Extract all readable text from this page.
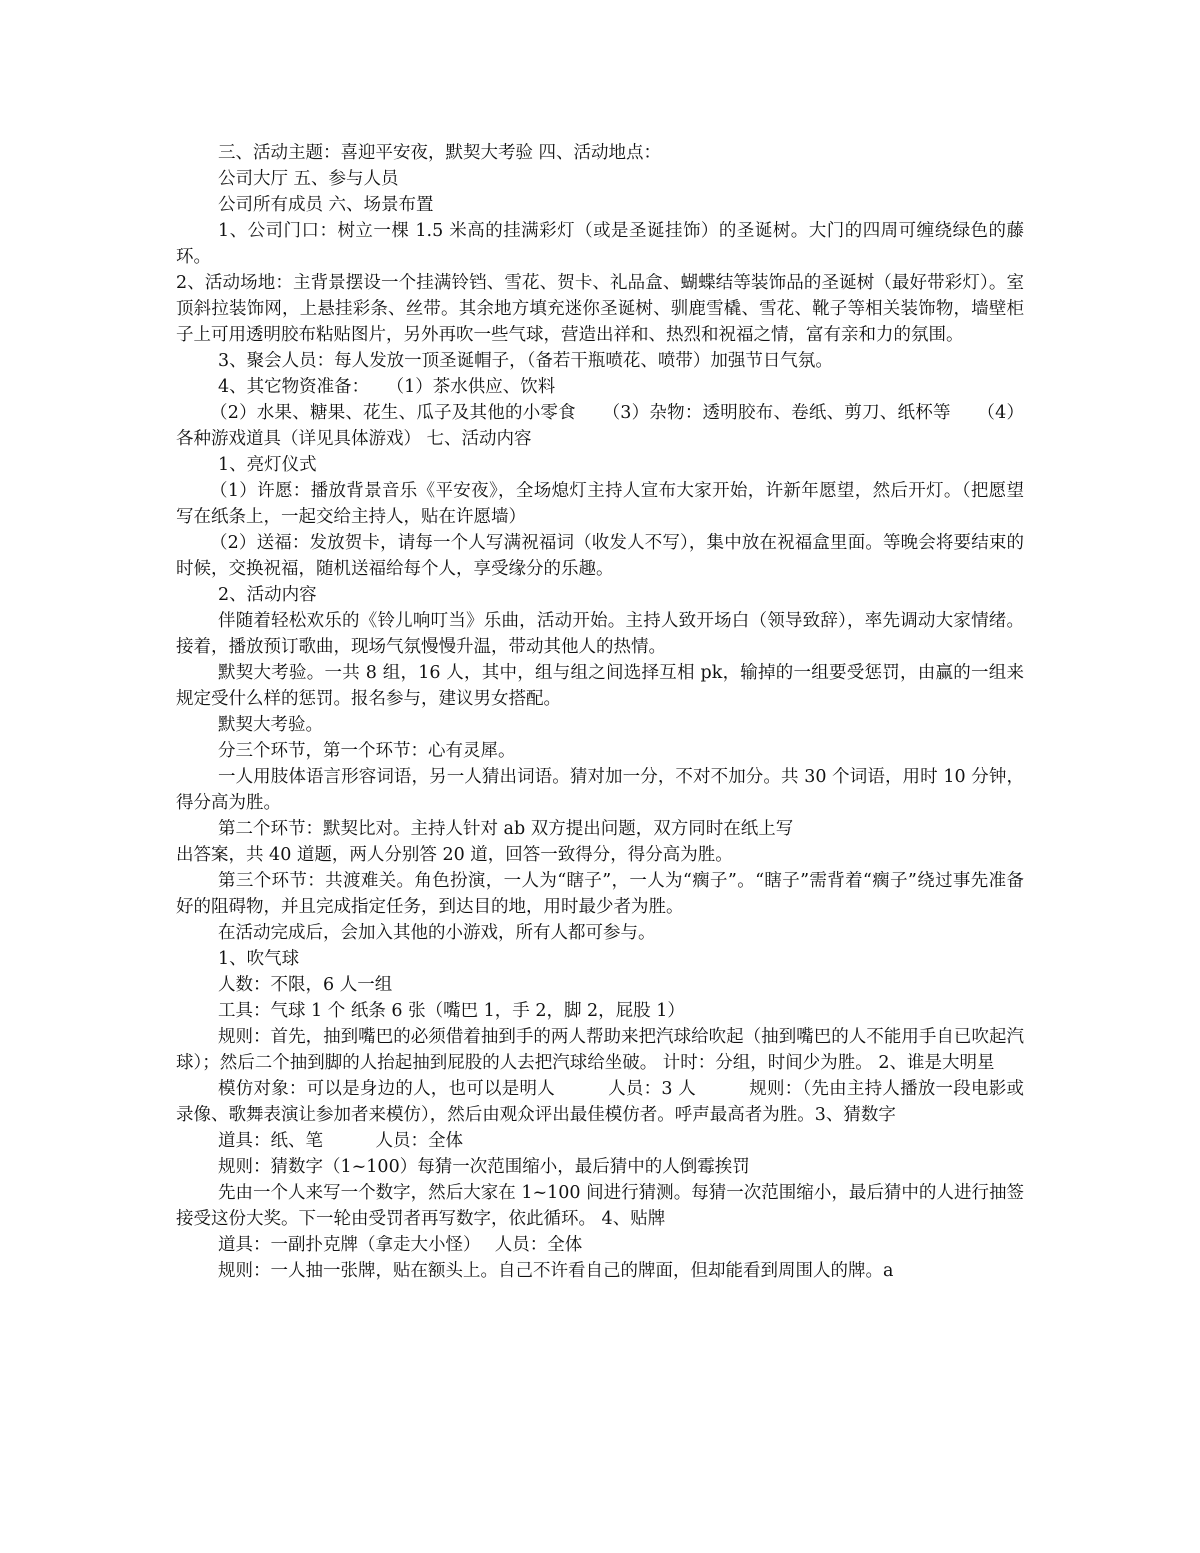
三、活动主题：喜迎平安夜，默契大考验 四、活动地点：

公司大厅 五、参与人员

公司所有成员 六、场景布置

1、公司门口：树立一棵 1.5 米高的挂满彩灯（或是圣诞挂饰）的圣诞树。大门的四周可缠绕绿色的藤环。

2、活动场地：主背景摆设一个挂满铃铛、雪花、贺卡、礼品盒、蝴蝶结等装饰品的圣诞树（最好带彩灯）。室顶斜拉装饰网，上悬挂彩条、丝带。其余地方填充迷你圣诞树、驯鹿雪橇、雪花、靴子等相关装饰物，墙壁柜子上可用透明胶布粘贴图片，另外再吹一些气球，营造出祥和、热烈和祝福之情，富有亲和力的氛围。

3、聚会人员：每人发放一顶圣诞帽子，（备若干瓶喷花、喷带）加强节日气氛。

4、其它物资准备：　　（1）茶水供应、饮料

（2）水果、糖果、花生、瓜子及其他的小零食　　（3）杂物：透明胶布、卷纸、剪刀、纸杯等　　（4）各种游戏道具（详见具体游戏） 七、活动内容

1、亮灯仪式

（1）许愿：播放背景音乐《平安夜》，全场熄灯主持人宣布大家开始，许新年愿望，然后开灯。（把愿望写在纸条上，一起交给主持人，贴在许愿墙）

（2）送福：发放贺卡，请每一个人写满祝福词（收发人不写），集中放在祝福盒里面。等晚会将要结束的时候，交换祝福，随机送福给每个人，享受缘分的乐趣。

2、活动内容

伴随着轻松欢乐的《铃儿响叮当》乐曲，活动开始。主持人致开场白（领导致辞），率先调动大家情绪。接着，播放预订歌曲，现场气氛慢慢升温，带动其他人的热情。

默契大考验。一共 8 组，16 人，其中，组与组之间选择互相 pk，输掉的一组要受惩罚，由赢的一组来规定受什么样的惩罚。报名参与，建议男女搭配。

默契大考验。

分三个环节，第一个环节：心有灵犀。

一人用肢体语言形容词语，另一人猜出词语。猜对加一分，不对不加分。共 30 个词语，用时 10 分钟，得分高为胜。

第二个环节：默契比对。主持人针对 ab 双方提出问题，双方同时在纸上写

出答案，共 40 道题，两人分别答 20 道，回答一致得分，得分高为胜。

第三个环节：共渡难关。角色扮演，一人为“瞎子”，一人为“瘸子”。“瞎子”需背着“瘸子”绕过事先准备好的阻碍物，并且完成指定任务，到达目的地，用时最少者为胜。

在活动完成后，会加入其他的小游戏，所有人都可参与。

1、吹气球

人数：不限，6 人一组

工具：气球 1 个 纸条 6 张（嘴巴 1，手 2，脚 2，屁股 1）

规则：首先，抽到嘴巴的必须借着抽到手的两人帮助来把汽球给吹起（抽到嘴巴的人不能用手自已吹起汽球）；然后二个抽到脚的人抬起抽到屁股的人去把汽球给坐破。 计时：分组，时间少为胜。 2、谁是大明星

模仿对象：可以是身边的人，也可以是明人　　　人员：3 人　　　规则：（先由主持人播放一段电影或录像、歌舞表演让参加者来模仿），然后由观众评出最佳模仿者。呼声最高者为胜。3、猜数字

道具：纸、笔　　　人员：全体

规则：猜数字（1~100）每猜一次范围缩小，最后猜中的人倒霉挨罚

先由一个人来写一个数字，然后大家在 1~100 间进行猜测。每猜一次范围缩小，最后猜中的人进行抽签接受这份大奖。下一轮由受罚者再写数字，依此循环。 4、贴牌

道具：一副扑克牌（拿走大小怪）　 人员：全体

规则：一人抽一张牌，贴在额头上。自己不许看自己的牌面，但却能看到周围人的牌。a
